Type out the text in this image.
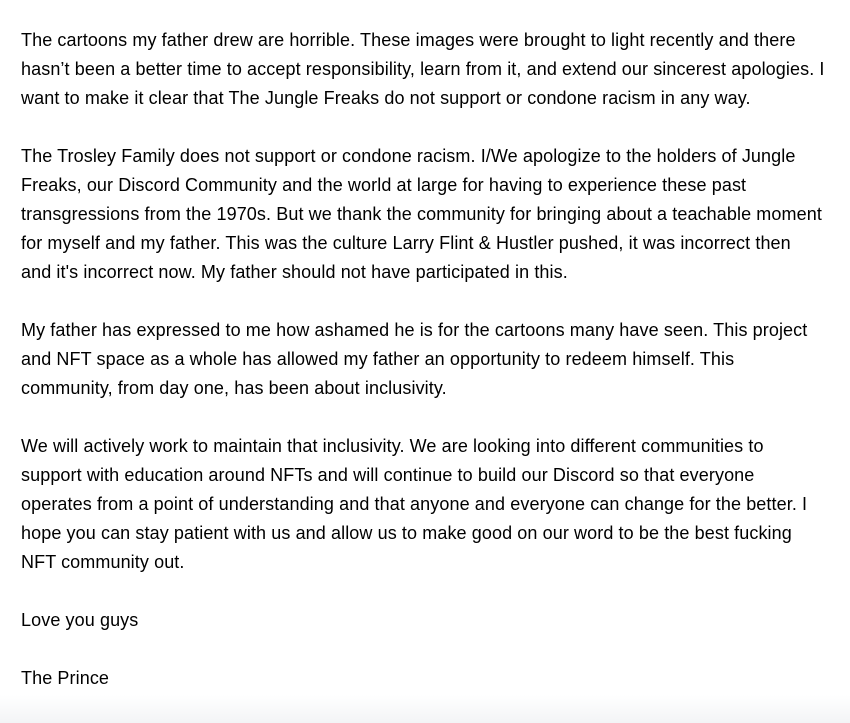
The cartoons my father drew are horrible. These images were brought to light recently and there hasn’t been a better time to accept responsibility, learn from it, and extend our sincerest apologies. I want to make it clear that The Jungle Freaks do not support or condone racism in any way.

The Trosley Family does not support or condone racism. I/We apologize to the holders of Jungle Freaks, our Discord Community and the world at large for having to experience these past transgressions from the 1970s. But we thank the community for bringing about a teachable moment for myself and my father. This was the culture Larry Flint & Hustler pushed, it was incorrect then and it's incorrect now. My father should not have participated in this.

My father has expressed to me how ashamed he is for the cartoons many have seen. This project and NFT space as a whole has allowed my father an opportunity to redeem himself. This community, from day one, has been about inclusivity.

We will actively work to maintain that inclusivity. We are looking into different communities to support with education around NFTs and will continue to build our Discord so that everyone operates from a point of understanding and that anyone and everyone can change for the better. I hope you can stay patient with us and allow us to make good on our word to be the best fucking NFT community out.

Love you guys

The Prince
